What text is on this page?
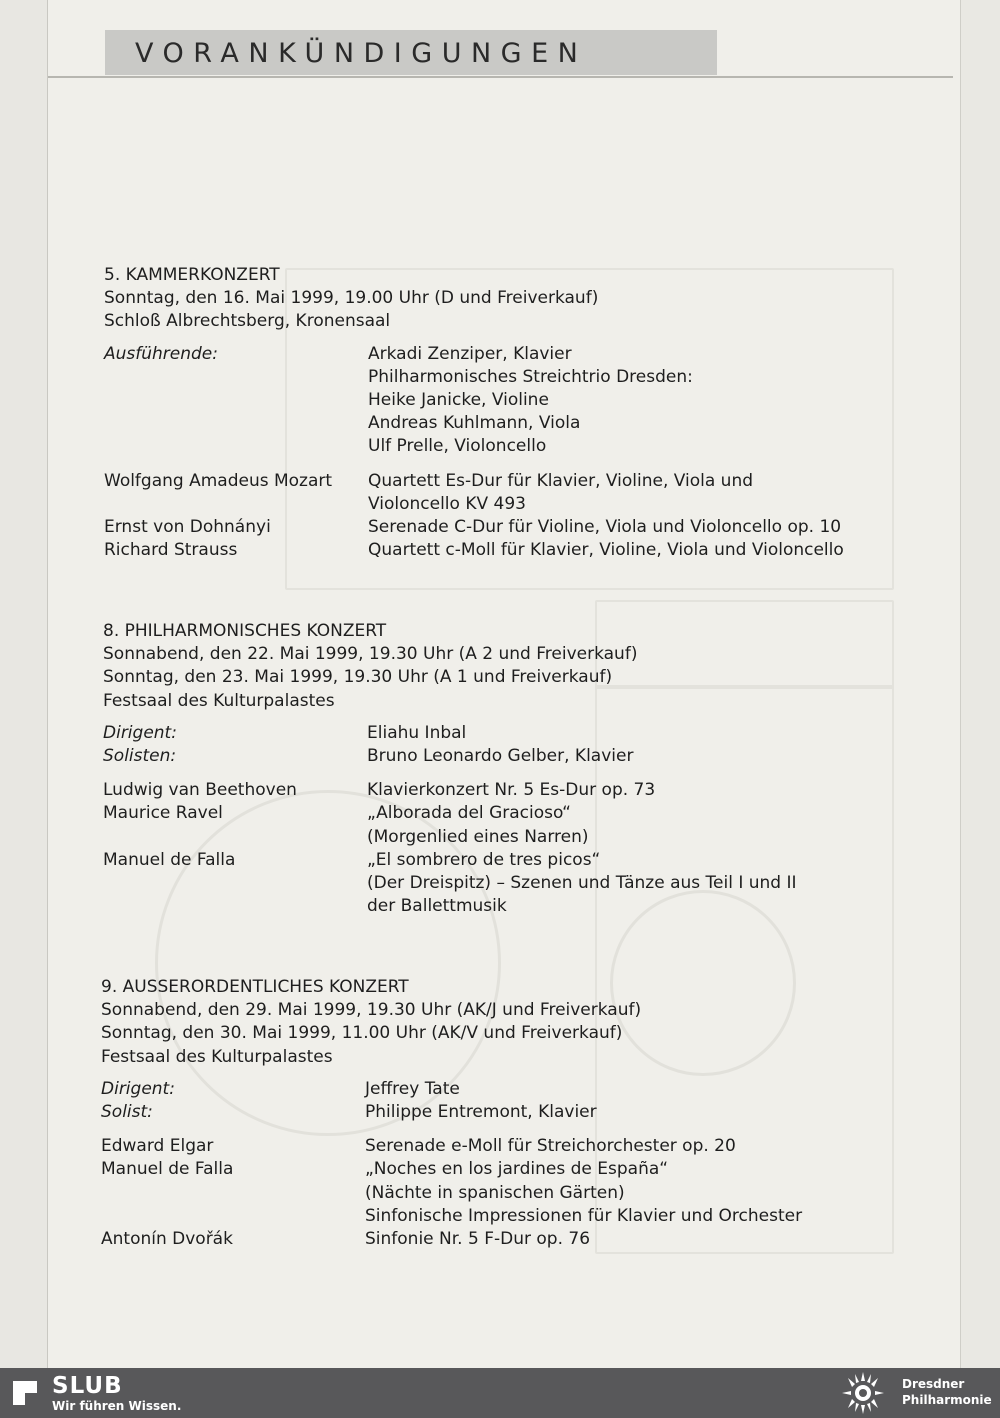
VORANKÜNDIGUNGEN
5. KAMMERKONZERT
Sonntag, den 16. Mai 1999, 19.00 Uhr (D und Freiverkauf)
Schloß Albrechtsberg, Kronensaal
Ausführende:	Arkadi Zenziper, Klavier
Philharmonisches Streichtrio Dresden:
Heike Janicke, Violine
Andreas Kuhlmann, Viola
Ulf Prelle, Violoncello
Wolfgang Amadeus Mozart	Quartett Es-Dur für Klavier, Violine, Viola und
Violoncello KV 493
Ernst von Dohnányi	Serenade C-Dur für Violine, Viola und Violoncello op. 10
Richard Strauss	Quartett c-Moll für Klavier, Violine, Viola und Violoncello
8. PHILHARMONISCHES KONZERT
Sonnabend, den 22. Mai 1999, 19.30 Uhr (A 2 und Freiverkauf)
Sonntag, den 23. Mai 1999, 19.30 Uhr (A 1 und Freiverkauf)
Festsaal des Kulturpalastes
Dirigent:	Eliahu Inbal
Solisten:	Bruno Leonardo Gelber, Klavier
Ludwig van Beethoven	Klavierkonzert Nr. 5 Es-Dur op. 73
Maurice Ravel	„Alborada del Gracioso“
(Morgenlied eines Narren)
Manuel de Falla	„El sombrero de tres picos“
(Der Dreispitz) – Szenen und Tänze aus Teil I und II
der Ballettmusik
9. AUSSERORDENTLICHES KONZERT
Sonnabend, den 29. Mai 1999, 19.30 Uhr (AK/J und Freiverkauf)
Sonntag, den 30. Mai 1999, 11.00 Uhr (AK/V und Freiverkauf)
Festsaal des Kulturpalastes
Dirigent:	Jeffrey Tate
Solist:	Philippe Entremont, Klavier
Edward Elgar	Serenade e-Moll für Streichorchester op. 20
Manuel de Falla	„Noches en los jardines de España“
(Nächte in spanischen Gärten)
Sinfonische Impressionen für Klavier und Orchester
Antonín Dvořák	Sinfonie Nr. 5 F-Dur op. 76
SLUB
Wir führen Wissen.
Dresdner
Philharmonie
